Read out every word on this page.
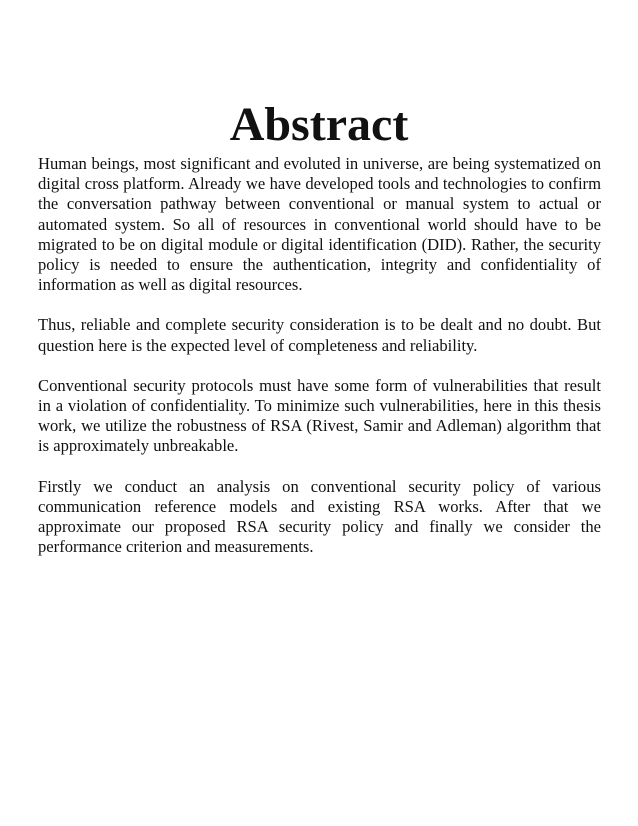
Abstract

Human beings, most significant and evoluted in universe, are being systematized on digital cross platform. Already we have developed tools and technologies to confirm the conversation pathway between conventional or manual system to actual or automated system. So all of resources in conventional world should have to be migrated to be on digital module or digital identification (DID). Rather, the security policy is needed to ensure the authentication, integrity and confidentiality of information as well as digital resources.

Thus, reliable and complete security consideration is to be dealt and no doubt. But question here is the expected level of completeness and reliability.

Conventional security protocols must have some form of vulnerabilities that result in a violation of confidentiality. To minimize such vulnerabilities, here in this thesis work, we utilize the robustness of RSA (Rivest, Samir and Adleman) algorithm that is approximately unbreakable.

Firstly we conduct an analysis on conventional security policy of various communication reference models and existing RSA works. After that we approximate our proposed RSA security policy and finally we consider the performance criterion and measurements.
